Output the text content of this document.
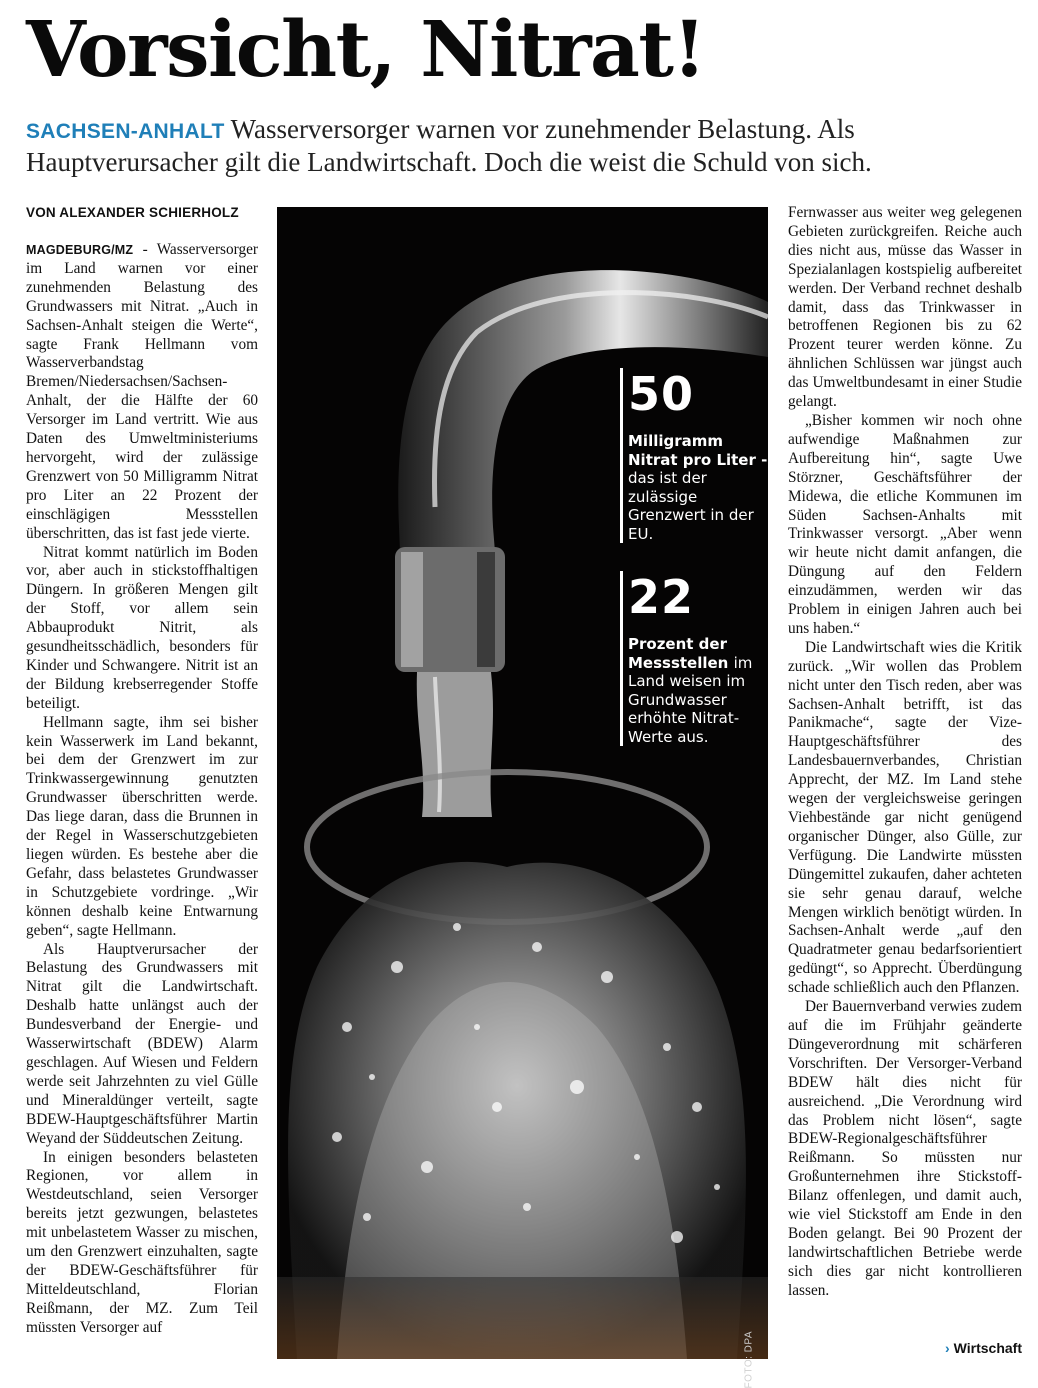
Vorsicht, Nitrat!

SACHSEN-ANHALT Wasserversorger warnen vor zunehmender Belastung. Als Hauptverursacher gilt die Landwirtschaft. Doch die weist die Schuld von sich.

VON ALEXANDER SCHIERHOLZ

MAGDEBURG/MZ - Wasserversorger im Land warnen vor einer zunehmenden Belastung des Grundwassers mit Nitrat. „Auch in Sachsen-Anhalt steigen die Werte“, sagte Frank Hellmann vom Wasserverbandstag Bremen/Niedersachsen/Sachsen-Anhalt, der die Hälfte der 60 Versorger im Land vertritt. Wie aus Daten des Umweltministeriums hervorgeht, wird der zulässige Grenzwert von 50 Milligramm Nitrat pro Liter an 22 Prozent der einschlägigen Messstellen überschritten, das ist fast jede vierte.

Nitrat kommt natürlich im Boden vor, aber auch in stickstoffhaltigen Düngern. In größeren Mengen gilt der Stoff, vor allem sein Abbauprodukt Nitrit, als gesundheitsschädlich, besonders für Kinder und Schwangere. Nitrit ist an der Bildung krebserregender Stoffe beteiligt.

Hellmann sagte, ihm sei bisher kein Wasserwerk im Land bekannt, bei dem der Grenzwert im zur Trinkwassergewinnung genutzten Grundwasser überschritten werde. Das liege daran, dass die Brunnen in der Regel in Wasserschutzgebieten liegen würden. Es bestehe aber die Gefahr, dass belastetes Grundwasser in Schutzgebiete vordringe. „Wir können deshalb keine Entwarnung geben“, sagte Hellmann.

Als Hauptverursacher der Belastung des Grundwassers mit Nitrat gilt die Landwirtschaft. Deshalb hatte unlängst auch der Bundesverband der Energie- und Wasserwirtschaft (BDEW) Alarm geschlagen. Auf Wiesen und Feldern werde seit Jahrzehnten zu viel Gülle und Mineraldünger verteilt, sagte BDEW-Hauptgeschäftsführer Martin Weyand der Süddeutschen Zeitung.

In einigen besonders belasteten Regionen, vor allem in Westdeutschland, seien Versorger bereits jetzt gezwungen, belastetes mit unbelastetem Wasser zu mischen, um den Grenzwert einzuhalten, sagte der BDEW-Geschäftsführer für Mitteldeutschland, Florian Reißmann, der MZ. Zum Teil müssten Versorger auf

FOTO: DPA
50
Milligramm Nitrat pro Liter - das ist der zulässige Grenzwert in der EU.
22
Prozent der Messstellen im Land weisen im Grundwasser erhöhte Nitrat-Werte aus.

Fernwasser aus weiter weg gelegenen Gebieten zurückgreifen. Reiche auch dies nicht aus, müsse das Wasser in Spezialanlagen kostspielig aufbereitet werden. Der Verband rechnet deshalb damit, dass das Trinkwasser in betroffenen Regionen bis zu 62 Prozent teurer werden könne. Zu ähnlichen Schlüssen war jüngst auch das Umweltbundesamt in einer Studie gelangt.

„Bisher kommen wir noch ohne aufwendige Maßnahmen zur Aufbereitung hin“, sagte Uwe Störzner, Geschäftsführer der Midewa, die etliche Kommunen im Süden Sachsen-Anhalts mit Trinkwasser versorgt. „Aber wenn wir heute nicht damit anfangen, die Düngung auf den Feldern einzudämmen, werden wir das Problem in einigen Jahren auch bei uns haben.“

Die Landwirtschaft wies die Kritik zurück. „Wir wollen das Problem nicht unter den Tisch reden, aber was Sachsen-Anhalt betrifft, ist das Panikmache“, sagte der Vize-Hauptgeschäftsführer des Landesbauernverbandes, Christian Apprecht, der MZ. Im Land stehe wegen der vergleichsweise geringen Viehbestände gar nicht genügend organischer Dünger, also Gülle, zur Verfügung. Die Landwirte müssten Düngemittel zukaufen, daher achteten sie sehr genau darauf, welche Mengen wirklich benötigt würden. In Sachsen-Anhalt werde „auf den Quadratmeter genau bedarfsorientiert gedüngt“, so Apprecht. Überdüngung schade schließlich auch den Pflanzen.

Der Bauernverband verwies zudem auf die im Frühjahr geänderte Düngeverordnung mit schärferen Vorschriften. Der Versorger-Verband BDEW hält dies nicht für ausreichend. „Die Verordnung wird das Problem nicht lösen“, sagte BDEW-Regionalgeschäftsführer Reißmann. So müssten nur Großunternehmen ihre Stickstoff-Bilanz offenlegen, und damit auch, wie viel Stickstoff am Ende in den Boden gelangt. Bei 90 Prozent der landwirtschaftlichen Betriebe werde sich dies gar nicht kontrollieren lassen.

› Wirtschaft
